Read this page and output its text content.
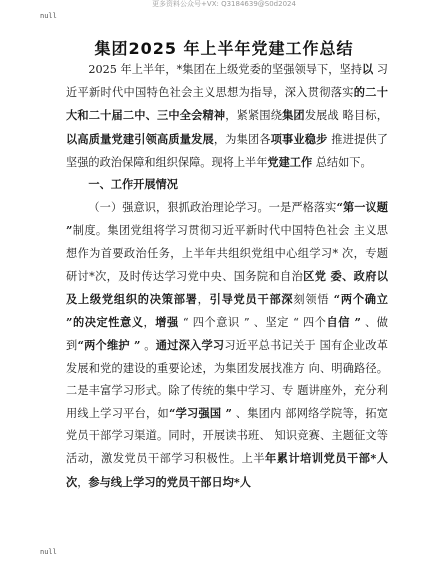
更多资料公众号+VX: Q3184639@S0d2024
null
集团2025 年上半年党建工作总结

2025 年上半年，*集团在上级党委的坚强领导下，坚持以 习近平新时代中国特色社会主义思想为指导，深入贯彻落实的二十大和二十届二中、三中全会精神，紧紧围绕集团发展战 略目标，以高质量党建引领高质量发展，为集团各项事业稳步 推进提供了坚强的政治保障和组织保障。现将上半年党建工作 总结如下。

一、工作开展情况

（一）强意识，狠抓政治理论学习。一是严格落实“第一议题 ”制度。集团党组将学习贯彻习近平新时代中国特色社会 主义思想作为首要政治任务，上半年共组织党组中心组学习* 次，专题研讨*次，及时传达学习党中央、国务院和自治区党 委、政府以及上级党组织的决策部署，引导党员干部深刻领悟 “两个确立 ”的决定性意义，增强 “ 四个意识 ” 、坚定 “ 四个自信 ” 、做到“两个维护 ” 。通过深入学习习近平总书记关于 国有企业改革发展和党的建设的重要论述，为集团发展找准方 向、明确路径。二是丰富学习形式。除了传统的集中学习、专 题讲座外，充分利用线上学习平台，如“学习强国 ” 、集团内 部网络学院等，拓宽党员干部学习渠道。同时，开展读书班、 知识竞赛、主题征文等活动，激发党员干部学习积极性。上半年累计培训党员干部*人次，参与线上学习的党员干部日均*人

null
